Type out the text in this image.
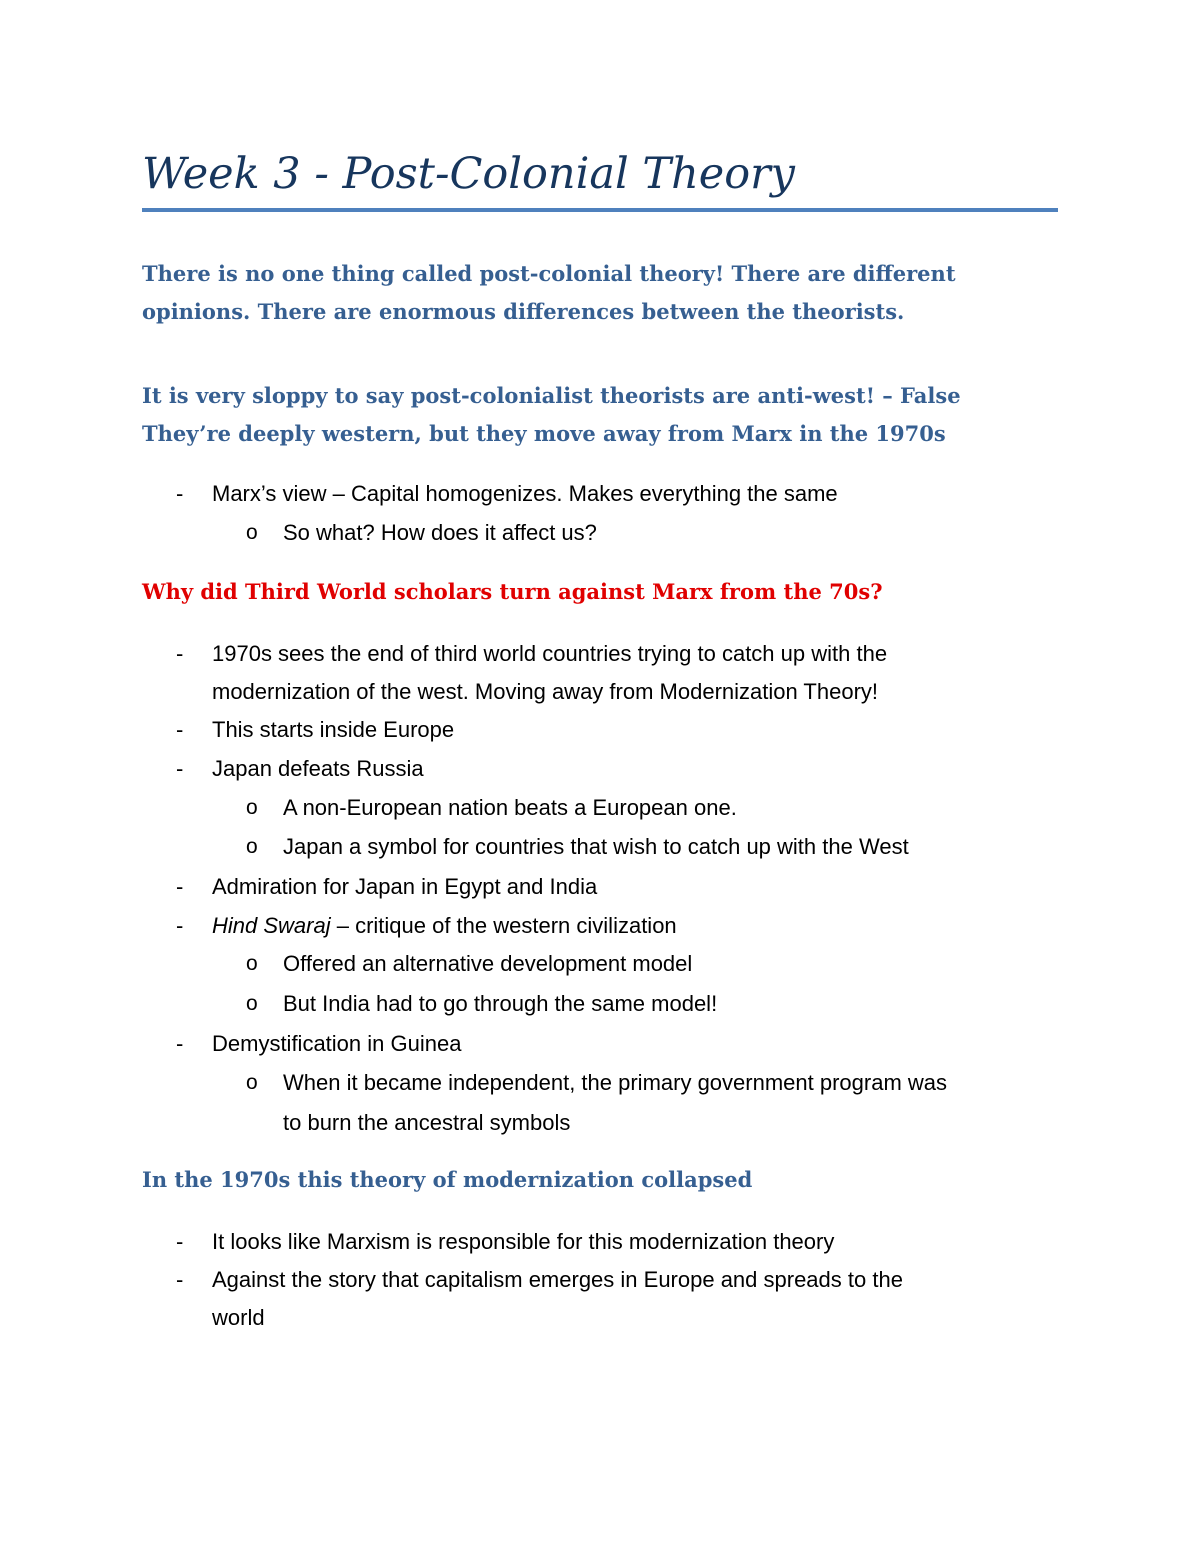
Week 3 - Post-Colonial Theory

There is no one thing called post-colonial theory! There are different

opinions. There are enormous differences between the theorists.

It is very sloppy to say post-colonialist theorists are anti-west! – False

They’re deeply western, but they move away from Marx in the 1970s

- Marx’s view – Capital homogenizes. Makes everything the same
o So what? How does it affect us?

Why did Third World scholars turn against Marx from the 70s?

- 1970s sees the end of third world countries trying to catch up with the
modernization of the west. Moving away from Modernization Theory!
- This starts inside Europe
- Japan defeats Russia
o A non-European nation beats a European one.
o Japan a symbol for countries that wish to catch up with the West
- Admiration for Japan in Egypt and India
- Hind Swaraj – critique of the western civilization
o Offered an alternative development model
o But India had to go through the same model!
- Demystification in Guinea
o When it became independent, the primary government program was
to burn the ancestral symbols

In the 1970s this theory of modernization collapsed

- It looks like Marxism is responsible for this modernization theory
- Against the story that capitalism emerges in Europe and spreads to the
world
